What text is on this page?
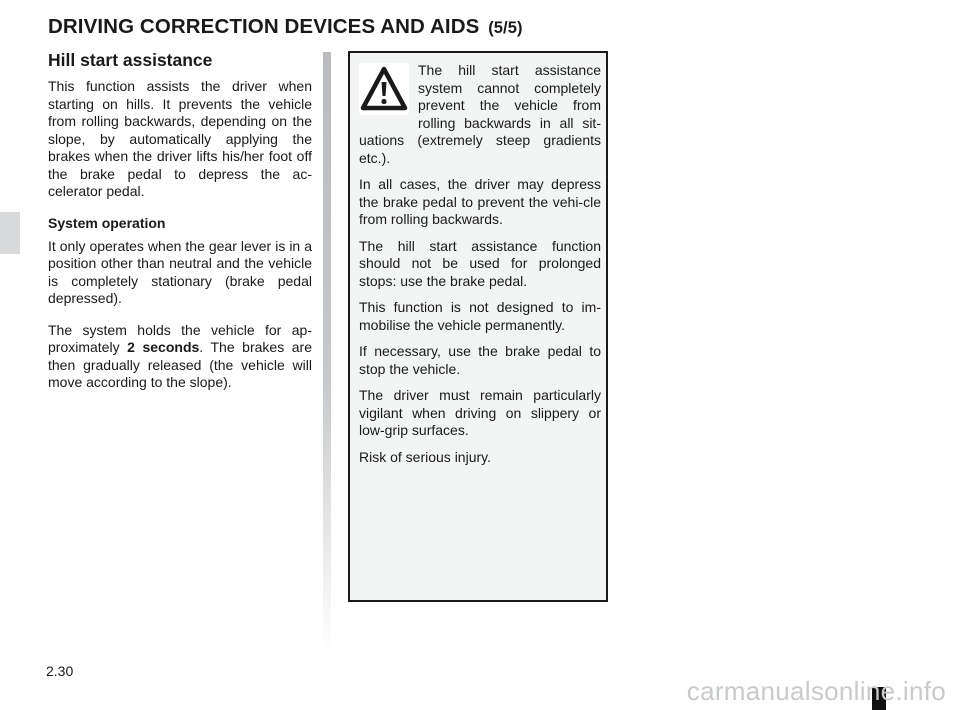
DRIVING CORRECTION DEVICES AND AIDS (5/5)
Hill start assistance

This function assists the driver when starting on hills. It prevents the vehicle from rolling backwards, depending on the slope, by automatically applying the brakes when the driver lifts his/her foot off the brake pedal to depress the ac-celerator pedal.

System operation

It only operates when the gear lever is in a position other than neutral and the vehicle is completely stationary (brake pedal depressed).

The system holds the vehicle for ap-proximately 2 seconds. The brakes are then gradually released (the vehicle will move according to the slope).

The hill start assistance system cannot completely prevent the vehicle from rolling backwards in all sit-uations (extremely steep gradients etc.).

In all cases, the driver may depress the brake pedal to prevent the vehi-cle from rolling backwards.

The hill start assistance function should not be used for prolonged stops: use the brake pedal.

This function is not designed to im-mobilise the vehicle permanently.

If necessary, use the brake pedal to stop the vehicle.

The driver must remain particularly vigilant when driving on slippery or low-grip surfaces.

Risk of serious injury.

2.30
carmanualsonline.info
